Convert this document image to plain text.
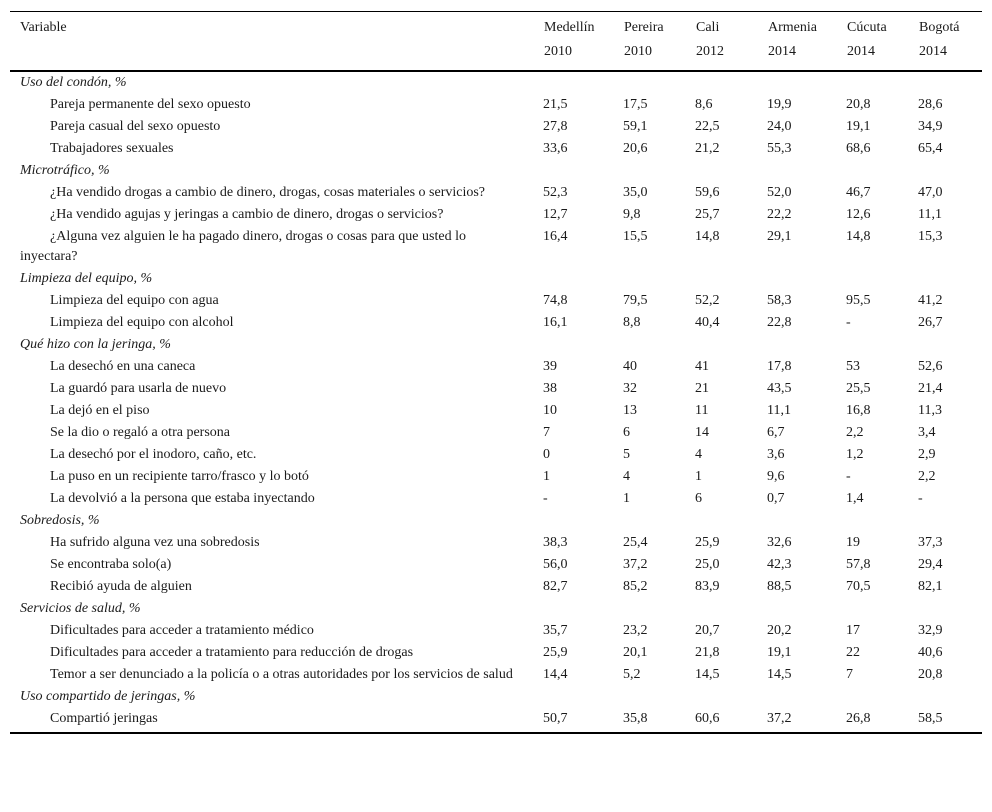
Variable	Medellín	Pereira	Cali	Armenia	Cúcuta	Bogotá
	2010	2010	2012	2014	2014	2014
Uso del condón, %						
Pareja permanente del sexo opuesto	21,5	17,5	8,6	19,9	20,8	28,6
Pareja casual del sexo opuesto	27,8	59,1	22,5	24,0	19,1	34,9
Trabajadores sexuales	33,6	20,6	21,2	55,3	68,6	65,4
Microtráfico, %						
¿Ha vendido drogas a cambio de dinero, drogas, cosas materiales o servicios?	52,3	35,0	59,6	52,0	46,7	47,0
¿Ha vendido agujas y jeringas a cambio de dinero, drogas o servicios?	12,7	9,8	25,7	22,2	12,6	11,1
¿Alguna vez alguien le ha pagado dinero, drogas o cosas para que usted lo inyectara?	16,4	15,5	14,8	29,1	14,8	15,3
Limpieza del equipo, %						
Limpieza del equipo con agua	74,8	79,5	52,2	58,3	95,5	41,2
Limpieza del equipo con alcohol	16,1	8,8	40,4	22,8	-	26,7
Qué hizo con la jeringa, %						
La desechó en una caneca	39	40	41	17,8	53	52,6
La guardó para usarla de nuevo	38	32	21	43,5	25,5	21,4
La dejó en el piso	10	13	11	11,1	16,8	11,3
Se la dio o regaló a otra persona	7	6	14	6,7	2,2	3,4
La desechó por el inodoro, caño, etc.	0	5	4	3,6	1,2	2,9
La puso en un recipiente tarro/frasco y lo botó	1	4	1	9,6	-	2,2
La devolvió a la persona que estaba inyectando	-	1	6	0,7	1,4	-
Sobredosis, %						
Ha sufrido alguna vez una sobredosis	38,3	25,4	25,9	32,6	19	37,3
Se encontraba solo(a)	56,0	37,2	25,0	42,3	57,8	29,4
Recibió ayuda de alguien	82,7	85,2	83,9	88,5	70,5	82,1
Servicios de salud, %						
Dificultades para acceder a tratamiento médico	35,7	23,2	20,7	20,2	17	32,9
Dificultades para acceder a tratamiento para reducción de drogas	25,9	20,1	21,8	19,1	22	40,6
Temor a ser denunciado a la policía o a otras autoridades por los servicios de salud	14,4	5,2	14,5	14,5	7	20,8
Uso compartido de jeringas, %						
Compartió jeringas	50,7	35,8	60,6	37,2	26,8	58,5
